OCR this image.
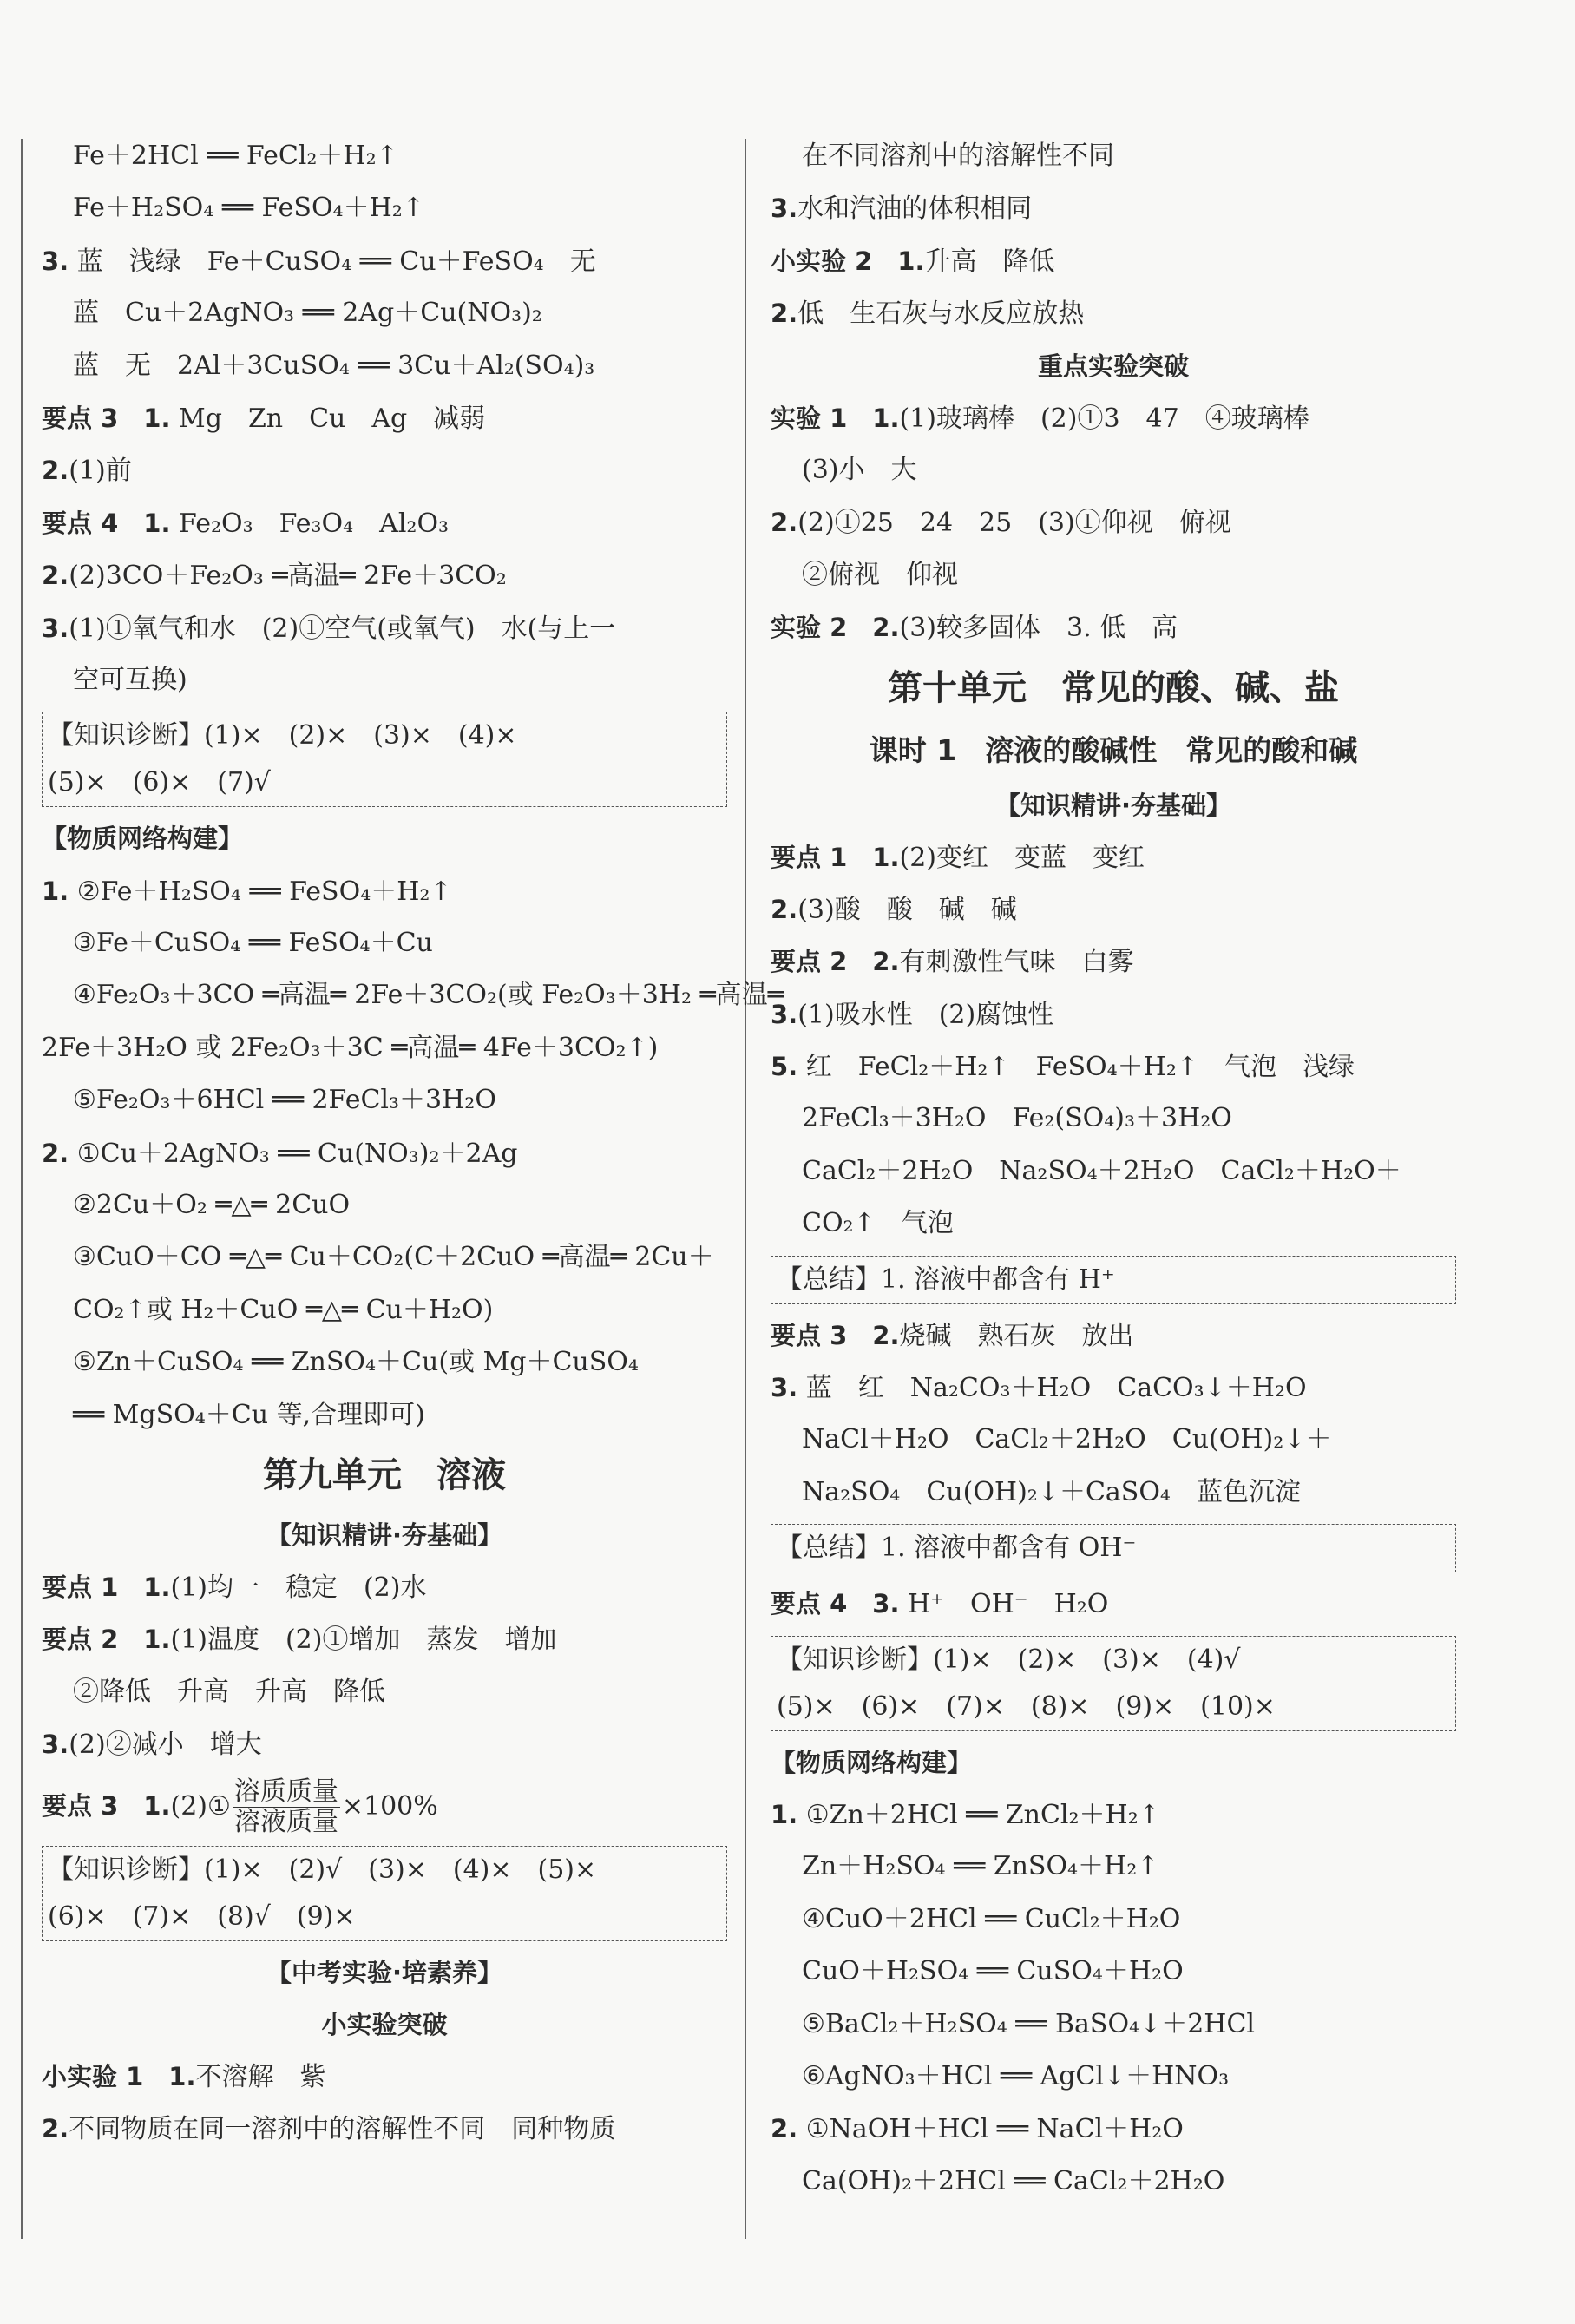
Fe＋2HCl ══ FeCl₂＋H₂↑
Fe＋H₂SO₄ ══ FeSO₄＋H₂↑
3. 蓝　浅绿　Fe＋CuSO₄ ══ Cu＋FeSO₄　无
蓝　Cu＋2AgNO₃ ══ 2Ag＋Cu(NO₃)₂
蓝　无　2Al＋3CuSO₄ ══ 3Cu＋Al₂(SO₄)₃
要点 3　1. Mg　Zn　Cu　Ag　减弱
2.(1)前
要点 4　1. Fe₂O₃　Fe₃O₄　Al₂O₃
2.(2)3CO＋Fe₂O₃ ═高温═ 2Fe＋3CO₂
3.(1)①氧气和水　(2)①空气(或氧气)　水(与上一
空可互换)
【知识诊断】(1)×　(2)×　(3)×　(4)×
(5)×　(6)×　(7)√
【物质网络构建】
1. ②Fe＋H₂SO₄ ══ FeSO₄＋H₂↑
③Fe＋CuSO₄ ══ FeSO₄＋Cu
④Fe₂O₃＋3CO ═高温═ 2Fe＋3CO₂(或 Fe₂O₃＋3H₂ ═高温═
2Fe＋3H₂O 或 2Fe₂O₃＋3C ═高温═ 4Fe＋3CO₂↑)
⑤Fe₂O₃＋6HCl ══ 2FeCl₃＋3H₂O
2. ①Cu＋2AgNO₃ ══ Cu(NO₃)₂＋2Ag
②2Cu＋O₂ ═△═ 2CuO
③CuO＋CO ═△═ Cu＋CO₂(C＋2CuO ═高温═ 2Cu＋
CO₂↑或 H₂＋CuO ═△═ Cu＋H₂O)
⑤Zn＋CuSO₄ ══ ZnSO₄＋Cu(或 Mg＋CuSO₄
══ MgSO₄＋Cu 等,合理即可)
第九单元　溶液
【知识精讲·夯基础】
要点 1　1.(1)均一　稳定　(2)水
要点 2　1.(1)温度　(2)①增加　蒸发　增加
②降低　升高　升高　降低
3.(2)②减小　增大
要点 3　1.(2)① $\frac{\text{溶质质量}}{\text{溶液质量}} \times 100\%$
【知识诊断】(1)×　(2)√　(3)×　(4)×　(5)×
(6)×　(7)×　(8)√　(9)×
【中考实验·培素养】
小实验突破
小实验 1　1.不溶解　紫
2.不同物质在同一溶剂中的溶解性不同　同种物质
在不同溶剂中的溶解性不同
3.水和汽油的体积相同
小实验 2　1.升高　降低
2.低　生石灰与水反应放热
重点实验突破
实验 1　1.(1)玻璃棒　(2)①3　47　④玻璃棒
(3)小　大
2.(2)①25　24　25　(3)①仰视　俯视
②俯视　仰视
实验 2　2.(3)较多固体　3. 低　高
第十单元　常见的酸、碱、盐
课时 1　溶液的酸碱性　常见的酸和碱
【知识精讲·夯基础】
要点 1　1.(2)变红　变蓝　变红
2.(3)酸　酸　碱　碱
要点 2　2.有刺激性气味　白雾
3.(1)吸水性　(2)腐蚀性
5. 红　FeCl₂＋H₂↑　FeSO₄＋H₂↑　气泡　浅绿
2FeCl₃＋3H₂O　Fe₂(SO₄)₃＋3H₂O
CaCl₂＋2H₂O　Na₂SO₄＋2H₂O　CaCl₂＋H₂O＋
CO₂↑　气泡
【总结】1. 溶液中都含有 H⁺
要点 3　2.烧碱　熟石灰　放出
3. 蓝　红　Na₂CO₃＋H₂O　CaCO₃↓＋H₂O
NaCl＋H₂O　CaCl₂＋2H₂O　Cu(OH)₂↓＋
Na₂SO₄　Cu(OH)₂↓＋CaSO₄　蓝色沉淀
【总结】1. 溶液中都含有 OH⁻
要点 4　3. H⁺　OH⁻　H₂O
【知识诊断】(1)×　(2)×　(3)×　(4)√
(5)×　(6)×　(7)×　(8)×　(9)×　(10)×
【物质网络构建】
1. ①Zn＋2HCl ══ ZnCl₂＋H₂↑
Zn＋H₂SO₄ ══ ZnSO₄＋H₂↑
④CuO＋2HCl ══ CuCl₂＋H₂O
CuO＋H₂SO₄ ══ CuSO₄＋H₂O
⑤BaCl₂＋H₂SO₄ ══ BaSO₄↓＋2HCl
⑥AgNO₃＋HCl ══ AgCl↓＋HNO₃
2. ①NaOH＋HCl ══ NaCl＋H₂O
Ca(OH)₂＋2HCl ══ CaCl₂＋2H₂O
